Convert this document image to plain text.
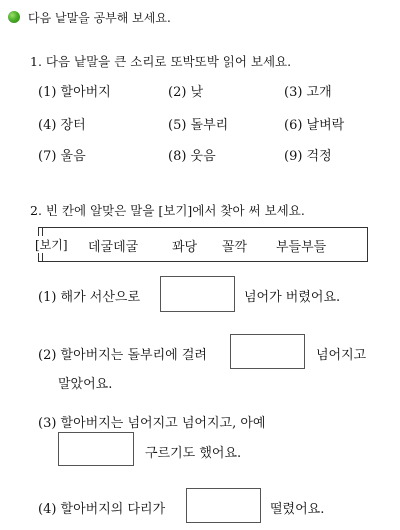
다음 낱말을 공부해 보세요.
1. 다음 낱말을 큰 소리로 또박또박 읽어 보세요.
(1) 할아버지	(2) 낮	(3) 고개
(4) 장터	(5) 돌부리	(6) 날벼락
(7) 울음	(8) 웃음	(9) 걱정
2. 빈 칸에 알맞은 말을 [보기]에서 찾아 써 보세요.
[보기] 데굴데굴	꽈당 꼴깍 부들부들
(1) 해가 서산으로	넘어가 버렸어요.
(2) 할아버지는 돌부리에 걸려	넘어지고
말았어요.
(3) 할아버지는 넘어지고 넘어지고, 아예
구르기도 했어요.
(4) 할아버지의 다리가	떨렸어요.
